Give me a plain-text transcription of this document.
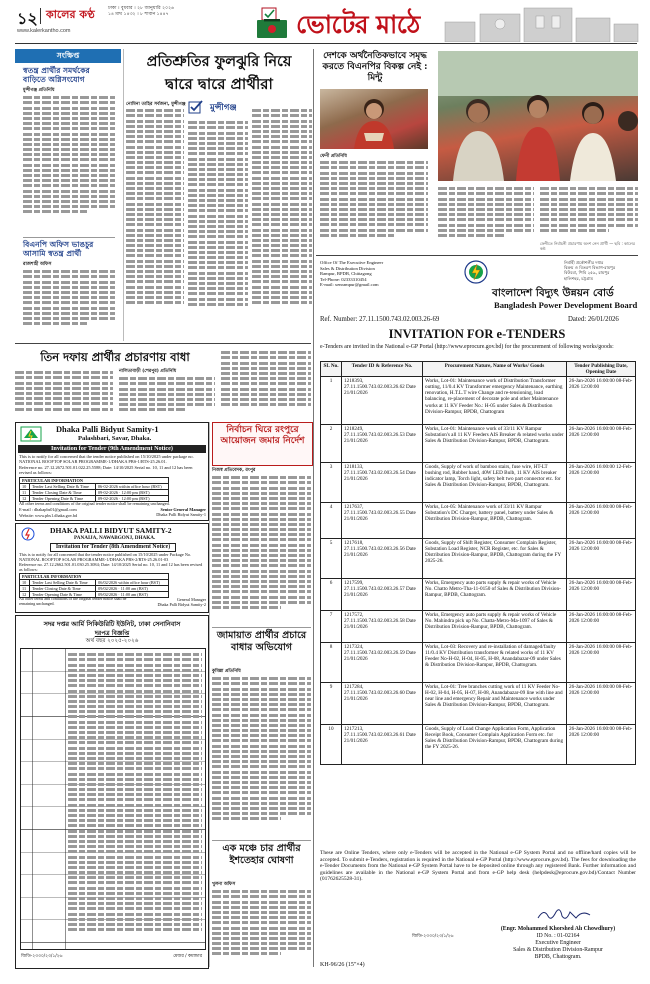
১২ কালের কণ্ঠ	ঢাকা । বুধবার । ২৮ জানুয়ারি ২০২৬
১৪ মাঘ ১৪৩২ । ৮ শাবান ১৪৪৭
www.kalerkantho.com	ভোটের মাঠে
সংক্ষিপ্ত
স্বতন্ত্র প্রার্থীর সমর্থকের বাড়িতে অগ্নিসংযোগ
মুন্সীগঞ্জ প্রতিনিধি
বিএনপি অফিস ভাঙচুর আসামি স্বতন্ত্র প্রার্থী
রাজশাহী অফিস
প্রতিশ্রুতির ফুলঝুরি নিয়ে
দ্বারে দ্বারে প্রার্থীরা
নোমিনা তাহির সর্বজনা, মুন্সীগঞ্জ	মুন্সীগঞ্জ
দেশকে অর্থনৈতিকভাবে সমৃদ্ধ করতে বিএনপির বিকল্প নেই : মিন্টু
ফেনী প্রতিনিধি
ফেনীতে নির্বাচনী প্রচারণায় অংশ নেন প্রার্থী — ছবি : কালের কণ্ঠ
Office Of The Executive Engineer
Sales & Distribution Division
Rampur, BPDB, Chittagong
Tel-Phone: 02333310454
E-mail: xenrampur@gmail.com
নির্বাহী প্রকৌশলীর দপ্তর
বিক্রয় ও বিতরণ বিভাগ-রামপুর
বিউবো, পিবি ২৫৯, রামপুর
হালিশহর, চট্টগ্রাম
বাংলাদেশ বিদ্যুৎ উন্নয়ন বোর্ড
Bangladesh Power Development Board
Ref. Number: 27.11.1500.743.02.003.26-69	Dated: 26/01/2026
INVITATION FOR e-TENDERS
e-Tenders are invited in the National e-GP Portal (http://www.eprocure.gov.bd) for the procurement of following works/goods:
SL No.	Tender ID & Reference No.	Procurement Nature, Name of Works/ Goods	Tender Publishing Date, Opening Date
1	1218393, 27.11.1500.743.02.003.26.62 Date 21/01/2026	Works, Lot-01: Maintenance work of Distribution Transformer outting, 11/0.4 KV Transformer emergency Maintenance, earthing renovation, H.T.L.T wire Change and re-tensioning, load balancing, re-placement of decorate pole and other Maintenance works at 11 KV Feeder No.: H-05 under Sales & Distribution Division-Rampur, BPDB, Chattogram	26-Jan-2026 16:00:00 08-Feb-2026 12:00:00
2	1218249, 27.11.1500.743.02.003.26.53 Date 21/01/2026	Works, Lot-01: Maintenance work of 33/11 KV Rampur Substation's all 11 KV Feeders AIS Breaker & related works under Sales & Distribution Division-Rampur, BPDB, Chattogram.	26-Jan-2026 16:00:00 08-Feb-2026 12:00:00
3	1218133, 27.11.1500.743.02.003.26.54 Date 21/01/2026	Goods, Supply of work of bamboo stairs, fuse wire, HT-LT bushing rod, Rubber hand, 40W LED Bulb, 11 KV AIS breaker indicator lamp, Torch light, safety belt two part connector etc. for Sales & Distribution Division-Rampur, BPDB, Chattogram.	26-Jan-2026 16:00:00 12-Feb-2026 12:00:00
4	1217637, 27.11.1500.743.02.003.26.55 Date 21/01/2026	Works, Lot-05: Maintenance work of 33/11 KV Rampur Substation's DC Charger, battery panel, battery under Sales & Distribution Division-Rampur, BPDB, Chattogram.	26-Jan-2026 16:00:00 08-Feb-2026 12:00:00
5	1217618, 27.11.1500.743.02.003.26.56 Date 21/01/2026	Goods, Supply of Shift Register, Consumer Complain Register, Substation Load Register, NCR Register, etc. for Sales & Distribution Division-Rampur, BPDB, Chattogram during the FY 2025-26.	26-Jan-2026 16:00:00 08-Feb-2026 12:00:00
6	1217599, 27.11.1500.743.02.003.26.57 Date 21/01/2026	Works, Emergency auto parts supply & repair works of Vehicle No. Chatto Metro-Tha-11-0150 of Sales & Distribution Division-Rampur, BPDB, Chattogram.	26-Jan-2026 16:00:00 08-Feb-2026 12:00:00
7	1217572, 27.11.1500.743.02.003.26.58 Date 21/01/2026	Works, Emergency auto parts supply & repair works of Vehicle No. Mahindra pick up No. Chatta-Metro-Ma-1097 of Sales & Distribution Division-Rampur, BPDB, Chattogram.	26-Jan-2026 16:00:00 08-Feb-2026 12:00:00
8	1217324, 27.11.1500.743.02.003.26.59 Date 21/01/2026	Works, Lot-03: Recovery and re-installation of damaged/faulty 11/0.4 KV Distribution transformer & related works of 11 KV Feeder No-H-02, H-04, H-05, H-08, Anandabazar-09 under Sales & Distribution Division-Rampur, BPDB, Chattogram.	26-Jan-2026 16:00:00 08-Feb-2026 12:00:00
9	1217284, 27.11.1500.743.02.003.26.60 Date 21/01/2026	Works, Lot-01: Tree branches cutting work of 11 KV Feeder No-H-02, H-04, H-05, H-07, H-08, Anandabazar-09 line with line and near line and emergency Repair and Maintenance works under Sales & Distribution Division-Rampur, BPDB, Chattogram.	26-Jan-2026 16:00:00 08-Feb-2026 12:00:00
10	1217213, 27.11.1500.743.02.003.26.61 Date 21/01/2026	Goods, Supply of Load Change Application Form, Application Receipt Book, Consumer Complain Application Form etc. for Sales & Distribution Division-Rampur, BPDB, Chattogram during the FY 2025-26.	26-Jan-2026 16:00:00 08-Feb-2026 12:00:00
These are Online Tenders, where only e-Tenders will be accepted in the National e-GP System Portal and no offline/hard copies will be accepted. To submit e-Tenders, registration is required in the National e-GP Portal (http://www.eprocure.gov.bd). The fees for downloading the e-Tender Documents from the National e-GP System Portal have to be deposited online through any registered Bank. Further information and guidelines are available in the National e-GP System Portal and from e-GP help desk (helpdesk@eprocure.gov.bd)/Contact Number (01762625528-31).
(Engr. Mohammed Khorshed Alı Chowdhury)
ID No. : 01-02164
Executive Engineer
Sales & Distribution Division-Rampur
BPDB, Chattogram.
জিডি-২৩৩০/২৩/১/২৬
KH-96/26 (15"×4)
তিন দফায় প্রার্থীর প্রচারণায় বাধা
নালিতাবাড়ী (শেরপুর) প্রতিনিধি
Dhaka Palli Bidyut Samity-1
Palashbari, Savar, Dhaka.
Invitation for Tender (9th Amendment Notice)
This is to notify for all concerned that the tender notice published on 15/10/2025 under package no. NATIONAL ROOFTOP SOLAR PROGRAMME-1/DHAKA PBS-1/RTS-25.26.01.
Reference no. 27.12.2672.501.01.022.25.5588; Date: 14/10/2025 Serial no. 10, 11 and 12 has been revised as follows:
PARTICULAR INFORMATION		
10	Tender Last Selling Date & Time	06-02-2026 within office hour (BST)
11	Tender Closing Date & Time	09-02-2026 · 12:00 pm (BST)
12	Tender Opening Date & Time	09-02-2026 · 12:00 pm (BST)
All other terms and conditions of the original tender notice shall be remaining unchanged.
E-mail : dhakapbs01@gmail.com
Website: www.pbs1.dhaka.gov.bd
Senior General Manager
Dhaka Palli Bidyut Samity-1
DHAKA PALLI BIDYUT SAMITY-2
PANAIJA, NAWABGONJ, DHAKA.
Invitation for Tender (8th Amendment Notice)
This is to notify for all concerned that the tender notice published on 15/10/2025 under Package No. NATIONAL ROOFTOP SOLAR PROGRAMME-1/DHAKA PBS-2/RTS-25.26.01-03
Reference no. 27.12.2662.501.01.030.25.3084; Date: 14/10/2025 Serial no. 10, 11 and 12 has been revised as follows:
PARTICULAR INFORMATION		
10	Tender Last Selling Date & Time	06/02/2026 within office hour (BST)
11	Tender Closing Date & Time	09/02/2026 · 11:00 am (BST)
12	Tender Opening Date & Time	09/02/2026 · 11:00 am (BST)
All other terms and conditions of the original tender notice shall be remaining unchanged.
General Manager
Dhaka Palli Bidyut Samity-2
নির্বাচন ঘিরে রংপুরে আয়োজন জমার নির্দেশ
নিজস্ব প্রতিবেদক, রংপুর
জামায়াত প্রার্থীর প্রচারে বাধার অভিযোগ
কুমিল্লা প্রতিনিধি
এক মঞ্চে চার প্রার্থীর ইশতেহার ঘোষণা
খুলনা অফিস
সদর দপ্তর আর্মি সিকিউরিটি ইউনিট, ঢাকা সেনানিবাস
দরপত্র বিজ্ঞপ্তি
অর্থ বছর ২০২৫-২০২৬
জিডি-২৩৩০/২৩/১/২৬	মেজর / কমান্ডার
